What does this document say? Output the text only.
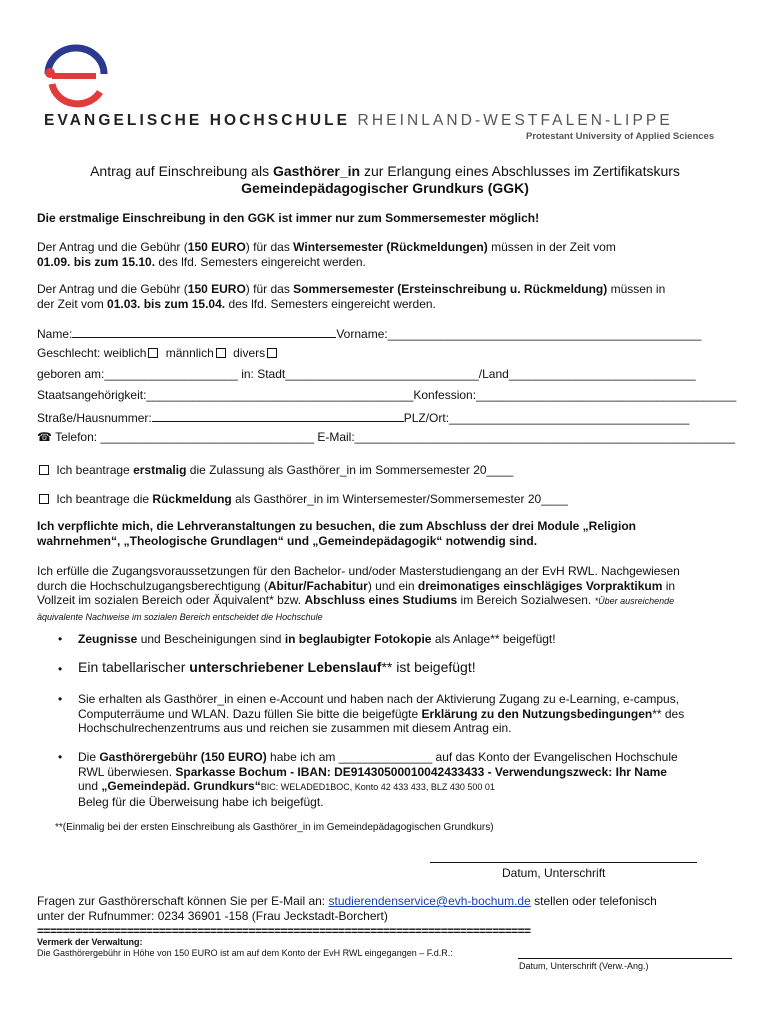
EVANGELISCHE HOCHSCHULE RHEINLAND-WESTFALEN-LIPPE
Protestant University of Applied Sciences
Antrag auf Einschreibung als Gasthörer_in zur Erlangung eines Abschlusses im Zertifikatskurs
Gemeindepädagogischer Grundkurs (GGK)
Die erstmalige Einschreibung in den GGK ist immer nur zum Sommersemester möglich!
Der Antrag und die Gebühr (150 EURO) für das Wintersemester (Rückmeldungen) müssen in der Zeit vom
01.09. bis zum 15.10. des lfd. Semesters eingereicht werden.
Der Antrag und die Gebühr (150 EURO) für das Sommersemester (Ersteinschreibung u. Rückmeldung) müssen in
der Zeit vom 01.03. bis zum 15.04. des lfd. Semesters eingereicht werden.
Name:	Vorname:_______________________________________________
Geschlecht: weiblich männlich divers
geboren am:____________________ in: Stadt_____________________________/Land____________________________
Staatsangehörigkeit:________________________________________Konfession:_______________________________________
Straße/Hausnummer:	PLZ/Ort:____________________________________
☎ Telefon: ________________________________ E-Mail:_________________________________________________________
Ich beantrage erstmalig die Zulassung als Gasthörer_in im Sommersemester 20____
Ich beantrage die Rückmeldung als Gasthörer_in im Wintersemester/Sommersemester 20____
Ich verpflichte mich, die Lehrveranstaltungen zu besuchen, die zum Abschluss der drei Module „Religion
wahrnehmen“, „Theologische Grundlagen“ und „Gemeindepädagogik“ notwendig sind.
Ich erfülle die Zugangsvoraussetzungen für den Bachelor- und/oder Masterstudiengang an der EvH RWL. Nachgewiesen
durch die Hochschulzugangsberechtigung (Abitur/Fachabitur) und ein dreimonatiges einschlägiges Vorpraktikum in
Vollzeit im sozialen Bereich oder Äquivalent* bzw. Abschluss eines Studiums im Bereich Sozialwesen. *Über ausreichende
äquivalente Nachweise im sozialen Bereich entscheidet die Hochschule
• Zeugnisse und Bescheinigungen sind in beglaubigter Fotokopie als Anlage** beigefügt!
• Ein tabellarischer unterschriebener Lebenslauf** ist beigefügt!
• Sie erhalten als Gasthörer_in einen e-Account und haben nach der Aktivierung Zugang zu e-Learning, e-campus,
Computerräume und WLAN. Dazu füllen Sie bitte die beigefügte Erklärung zu den Nutzungsbedingungen** des
Hochschulrechenzentrums aus und reichen sie zusammen mit diesem Antrag ein.
• Die Gasthörergebühr (150 EURO) habe ich am ______________ auf das Konto der Evangelischen Hochschule
RWL überwiesen. Sparkasse Bochum - IBAN: DE91430500010042433433 - Verwendungszweck: Ihr Name
und „Gemeindepäd. Grundkurs“BIC: WELADED1BOC, Konto 42 433 433, BLZ 430 500 01
Beleg für die Überweisung habe ich beigefügt.
**(Einmalig bei der ersten Einschreibung als Gasthörer_in im Gemeindepädagogischen Grundkurs)
Datum, Unterschrift
Fragen zur Gasthörerschaft können Sie per E-Mail an: studierendenservice@evh-bochum.de stellen oder telefonisch
unter der Rufnummer: 0234 36901 -158 (Frau Jeckstadt-Borchert)
=============================================================================
Vermerk der Verwaltung:
Die Gasthörergebühr in Höhe von 150 EURO ist am auf dem Konto der EvH RWL eingegangen – F.d.R.:
Datum, Unterschrift (Verw.-Ang.)
